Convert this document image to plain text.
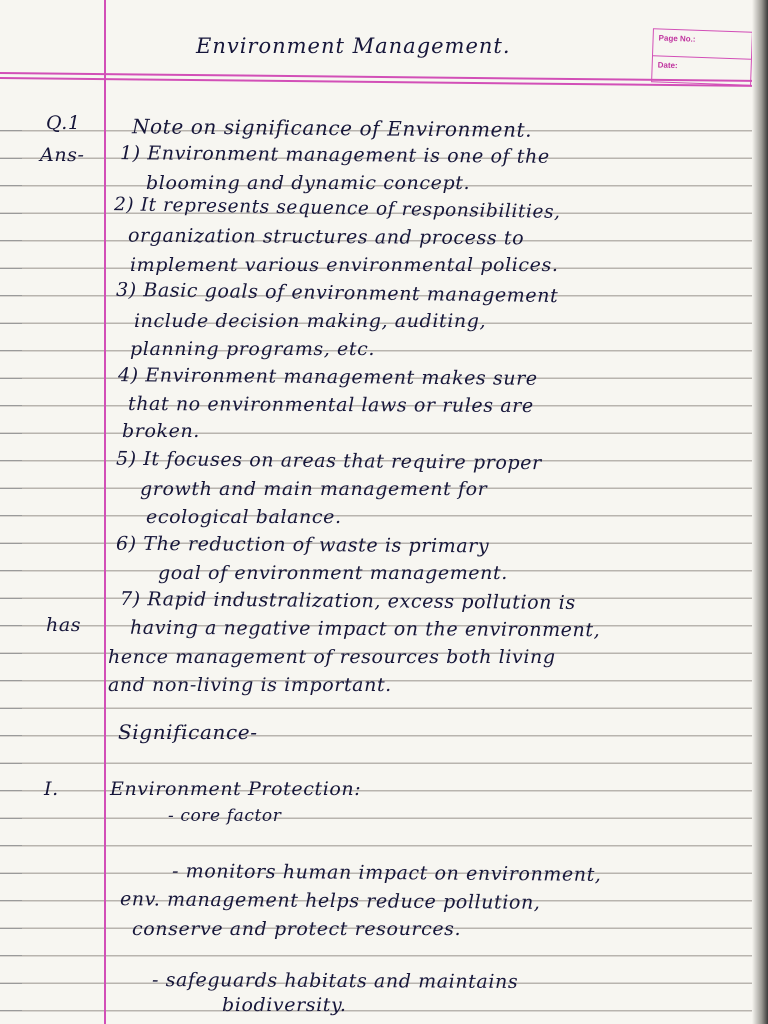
Page No.:
Date:
Environment Management.
Q.1	Note on significance of Environment.
Ans- 1) Environment management is one of the
blooming and dynamic concept.
2) It represents sequence of responsibilities,
organization structures and process to
implement various environmental polices.
3) Basic goals of environment management
include decision making, auditing,
planning programs, etc.
4) Environment management makes sure
that no environmental laws or rules are
broken.
5) It focuses on areas that require proper
growth and main management for
ecological balance.
6) The reduction of waste is primary
goal of environment management.
7) Rapid industralization, excess pollution is
has	having a negative impact on the environment,
hence management of resources both living
and non-living is important.
Significance-
I.	Environment Protection:
- core factor
- monitors human impact on environment,
env. management helps reduce pollution,
conserve and protect resources.
- safeguards habitats and maintains
biodiversity.
